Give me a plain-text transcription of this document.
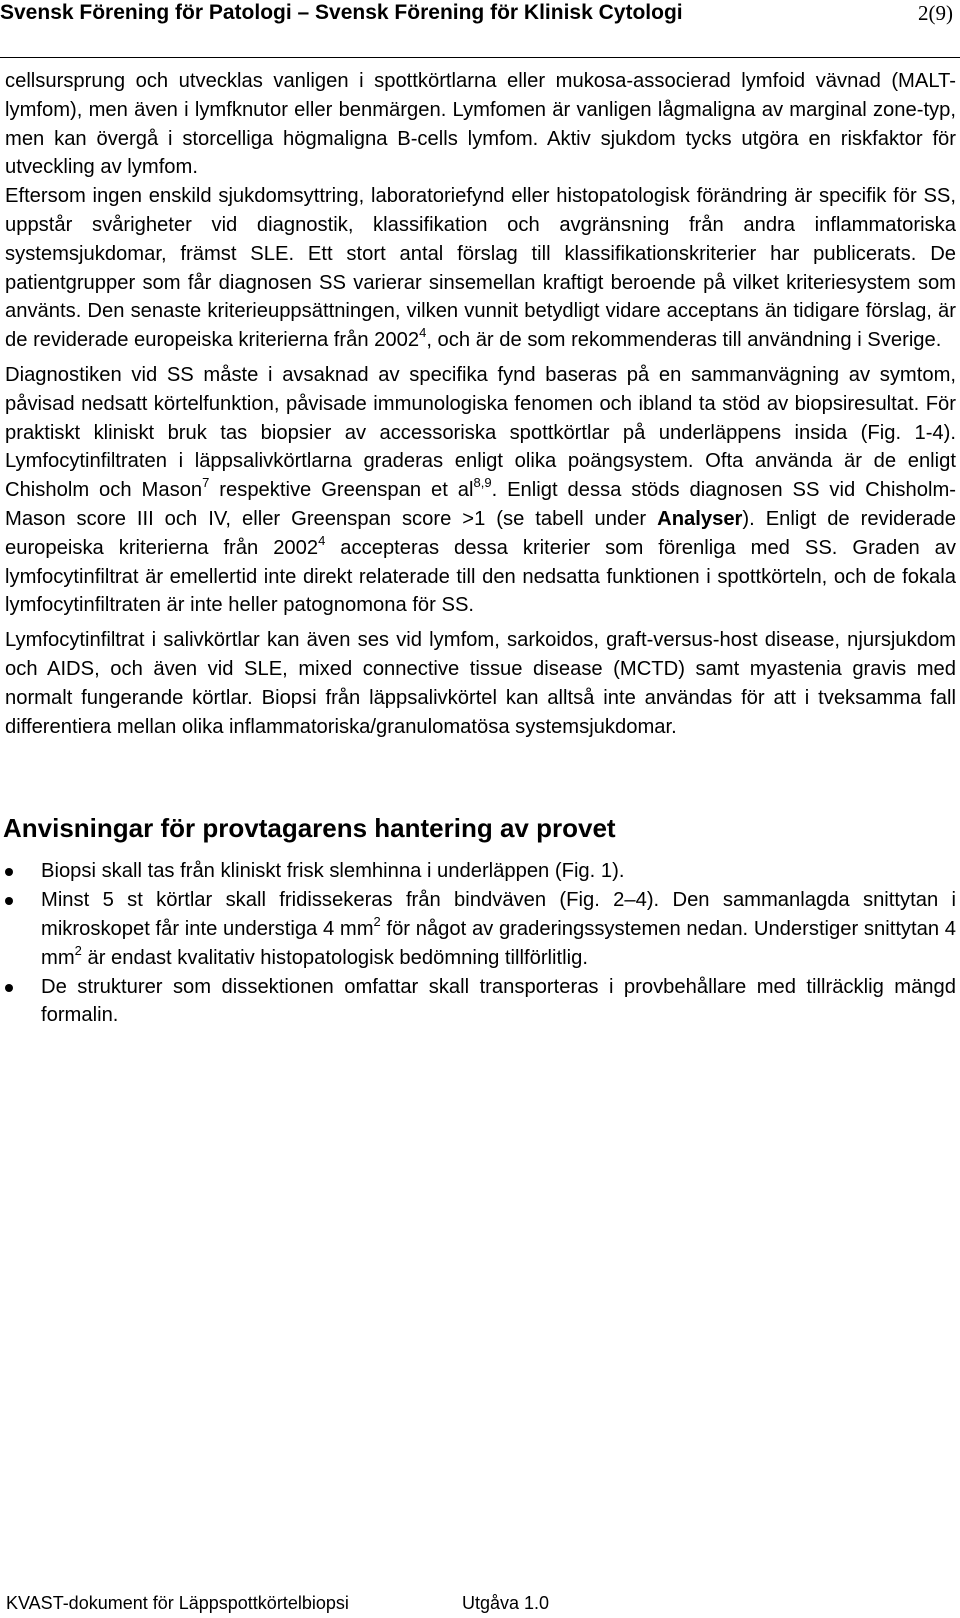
Svensk Förening för Patologi – Svensk Förening för Klinisk Cytologi	2(9)

cellsursprung och utvecklas vanligen i spottkörtlarna eller mukosa-associerad lymfoid vävnad (MALT-lymfom), men även i lymfknutor eller benmärgen. Lymfomen är vanligen lågmaligna av marginal zone-typ, men kan övergå i storcelliga högmaligna B-cells lymfom. Aktiv sjukdom tycks utgöra en riskfaktor för utveckling av lymfom.

Eftersom ingen enskild sjukdomsyttring, laboratoriefynd eller histopatologisk förändring är specifik för SS, uppstår svårigheter vid diagnostik, klassifikation och avgränsning från andra inflammatoriska systemsjukdomar, främst SLE. Ett stort antal förslag till klassifikationskriterier har publicerats. De patientgrupper som får diagnosen SS varierar sinsemellan kraftigt beroende på vilket kriteriesystem som använts. Den senaste kriterieuppsättningen, vilken vunnit betydligt vidare acceptans än tidigare förslag, är de reviderade europeiska kriterierna från 2002$^4$, och är de som rekommenderas till användning i Sverige.

Diagnostiken vid SS måste i avsaknad av specifika fynd baseras på en sammanvägning av symtom, påvisad nedsatt körtelfunktion, påvisade immunologiska fenomen och ibland ta stöd av biopsiresultat. För praktiskt kliniskt bruk tas biopsier av accessoriska spottkörtlar på underläppens insida (Fig. 1-4). Lymfocytinfiltraten i läppsalivkörtlarna graderas enligt olika poängsystem. Ofta använda är de enligt Chisholm och Mason$^7$ respektive Greenspan et al$^{8,9}$. Enligt dessa stöds diagnosen SS vid Chisholm-Mason score III och IV, eller Greenspan score >1 (se tabell under Analyser). Enligt de reviderade europeiska kriterierna från 2002$^4$ accepteras dessa kriterier som förenliga med SS. Graden av lymfocytinfiltrat är emellertid inte direkt relaterade till den nedsatta funktionen i spottkörteln, och de fokala lymfocytinfiltraten är inte heller patognomona för SS.

Lymfocytinfiltrat i salivkörtlar kan även ses vid lymfom, sarkoidos, graft-versus-host disease, njursjukdom och AIDS, och även vid SLE, mixed connective tissue disease (MCTD) samt myastenia gravis med normalt fungerande körtlar. Biopsi från läppsalivkörtel kan alltså inte användas för att i tveksamma fall differentiera mellan olika inflammatoriska/granulomatösa systemsjukdomar.

Anvisningar för provtagarens hantering av provet
Biopsi skall tas från kliniskt frisk slemhinna i underläppen (Fig. 1).
Minst 5 st körtlar skall fridissekeras från bindväven (Fig. 2–4). Den sammanlagda snittytan i mikroskopet får inte understiga 4 $mm^2$ för något av graderingssystemen nedan. Understiger snittytan 4 $mm^2$ är endast kvalitativ histopatologisk bedömning tillförlitlig.
De strukturer som dissektionen omfattar skall transporteras i provbehållare med tillräcklig mängd formalin.
KVAST-dokument för Läppspottkörtelbiopsi	Utgåva 1.0
